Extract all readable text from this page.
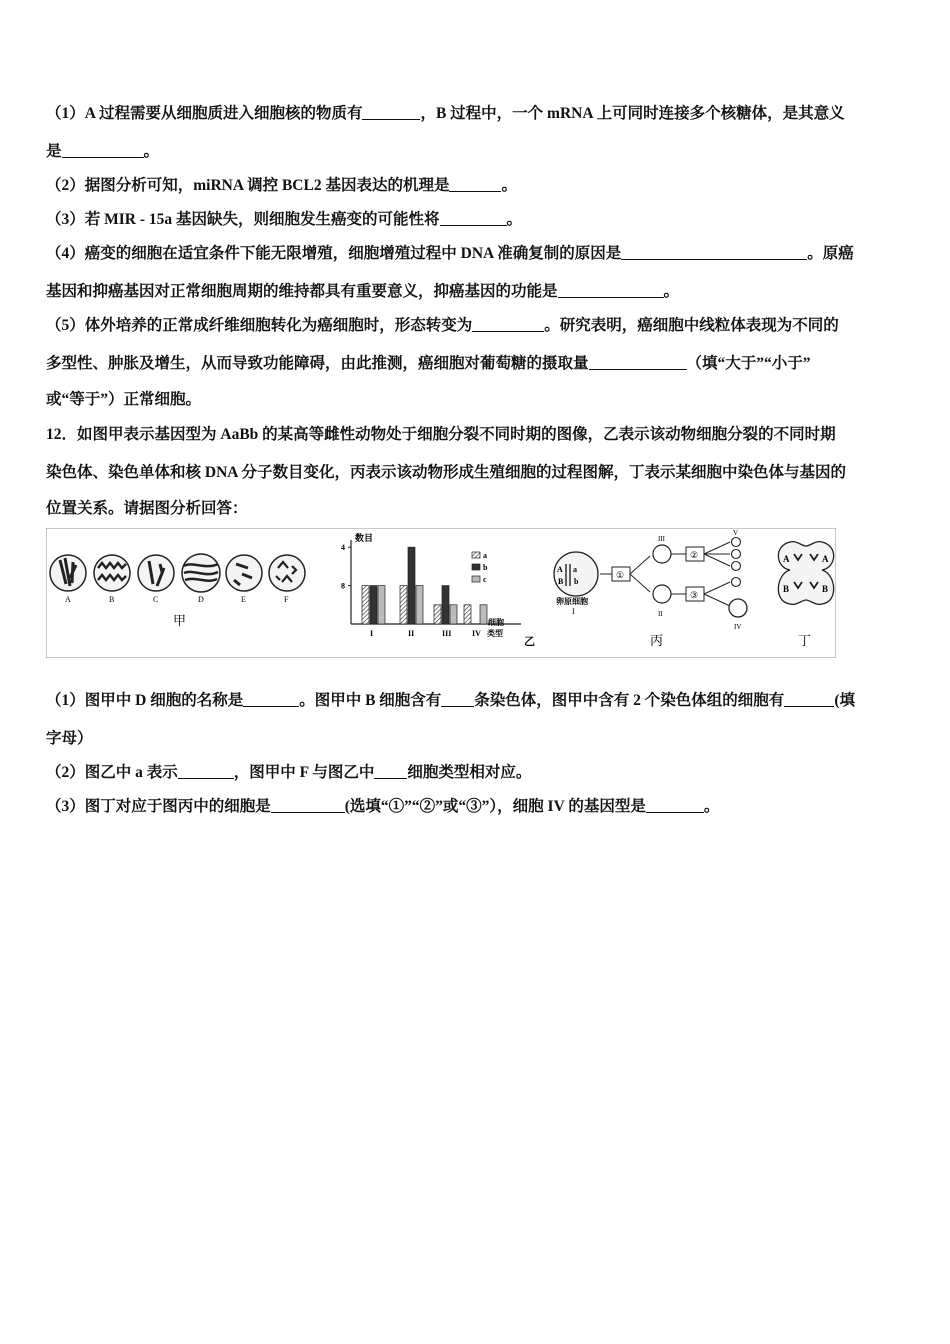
（1）A 过程需要从细胞质进入细胞核的物质有	，B 过程中，一个 mRNA 上可同时连接多个核糖体，是其意义
是	。
（2）据图分析可知，miRNA 调控 BCL2 基因表达的机理是	。
（3）若 MIR - 15a 基因缺失，则细胞发生癌变的可能性将	。
（4）癌变的细胞在适宜条件下能无限增殖，细胞增殖过程中 DNA 准确复制的原因是	。原癌
基因和抑癌基因对正常细胞周期的维持都具有重要意义，抑癌基因的功能是	。
（5）体外培养的正常成纤维细胞转化为癌细胞时，形态转变为	。研究表明，癌细胞中线粒体表现为不同的
多型性、肿胀及增生，从而导致功能障碍，由此推测，癌细胞对葡萄糖的摄取量	（填“大于”“小于”
或“等于”）正常细胞。
12．如图甲表示基因型为 AaBb 的某高等雌性动物处于细胞分裂不同时期的图像，乙表示该动物细胞分裂的不同时期
染色体、染色单体和核 DNA 分子数目变化，丙表示该动物形成生殖细胞的过程图解，丁表示某细胞中染色体与基因的
位置关系。请据图分析回答：
A	B	C	D	E	F
甲
数目
细胞
类型
8
4
I	II	III	IV
a
b
c
乙
A a
B b
卵原细胞
I
①
III
II
②
③
V
IV
丙
A	A
B	B
丁
（1）图甲中 D 细胞的名称是	。图甲中 B 细胞含有 条染色体，图甲中含有 2 个染色体组的细胞有	(填
字母）
（2）图乙中 a 表示	，图甲中 F 与图乙中 细胞类型相对应。
（3）图丁对应于图丙中的细胞是	(选填“①”“②”或“③”），细胞 IV 的基因型是	。
